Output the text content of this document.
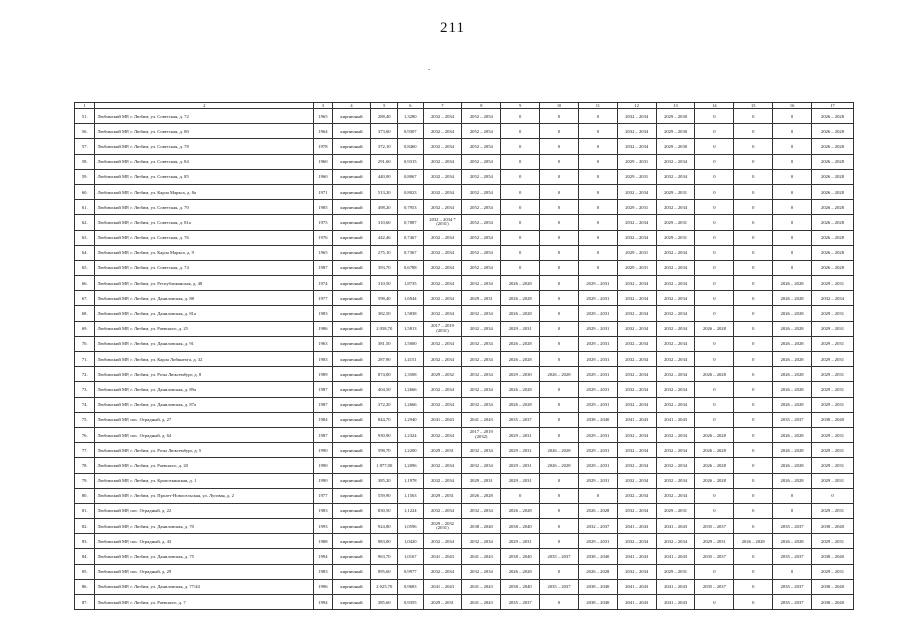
211
.
1	2	3	4	5	6	7	8	9	10	11	12	13	14	15	16	17
51.	Любимский МР, г. Любим, ул. Советская, д. 72	1965	кирпичный	288,40	1,3280	2032 – 2034	2052 – 2054	0	0	0	2032 – 2034	2029 – 2030	0	0	0	2026 – 2028
56.	Любимский МР, г. Любим, ул. Советская, д. 80	1964	кирпичный	373,60	0,9307	2032 – 2034	2052 – 2054	0	0	0	2032 – 2034	2029 – 2030	0	0	0	2026 – 2028
57.	Любимский МР, г. Любим, ул. Советская, д. 78	1978	кирпичный	372,10	0,8460	2032 – 2034	2052 – 2054	0	0	0	2032 – 2034	2029 – 2030	0	0	0	2026 – 2028
58.	Любимский МР, г. Любим, ул. Советская, д. 84	1960	кирпичный	291,60	0,9315	2032 – 2034	2052 – 2054	0	0	0	2029 – 2031	2032 – 2034	0	0	0	2026 – 2028
59.	Любимский МР, г. Любим, ул. Советская, д. 85	1960	кирпичный	440,00	0,8067	2032 – 2034	2052 – 2054	0	0	0	2029 – 2031	2032 – 2034	0	0	0	2026 – 2028
60.	Любимский МР, г. Любим, ул. Карла Маркса, д. 8а	1971	кирпичный	513,20	0,8023	2032 – 2034	2052 – 2054	0	0	0	2032 – 2034	2029 – 2031	0	0	0	2026 – 2028
61.	Любимский МР, г. Любим, ул. Советская, д. 70	1985	кирпичный	498,20	0,7953	2032 – 2034	2052 – 2054	0	0	0	2029 – 2031	2032 – 2034	0	0	0	2026 – 2028
62.	Любимский МР, г. Любим, ул. Советская, д. 81а	1975	кирпичный	310,60	0,7887	2032 – 2034 *(2031)	2052 – 2054	0	0	0	2032 – 2034	2029 – 2031	0	0	0	2026 – 2028
63.	Любимский МР, г. Любим, ул. Советская, д. 76	1976	кирпичный	442,46	0,7467	2032 – 2034	2052 – 2054	0	0	0	2032 – 2034	2029 – 2031	0	0	0	2026 – 2028
64.	Любимский МР, г. Любим, ул. Карла Маркса, д. 9	1965	кирпичный	275,10	0,7367	2032 – 2034	2052 – 2054	0	0	0	2029 – 2031	2032 – 2034	0	0	0	2026 – 2028
65.	Любимский МР, г. Любим, ул. Советская, д. 74	1987	кирпичный	393,70	0,6788	2032 – 2034	2052 – 2054	0	0	0	2029 – 2031	2032 – 2034	0	0	0	2026 – 2028
66.	Любимский МР, г. Любим, ул. Республиканская, д. 48	1974	кирпичный	310,50	1,8735	2032 – 2034	2032 – 2034	2026 – 2028	0	2029 – 2031	2032 – 2034	2032 – 2034	0	0	2026 – 2028	2029 – 2031
67.	Любимский МР, г. Любим, ул. Даниловская, д. 88	1977	кирпичный	598,40	1,6944	2032 – 2034	2029 – 2031	2026 – 2028	0	2029 – 2031	2032 – 2034	2032 – 2034	0	0	2026 – 2028	2032 – 2034
68.	Любимский МР, г. Любим, ул. Даниловская, д. 81а	1983	кирпичный	382,50	1,5838	2032 – 2034	2032 – 2034	2026 – 2028	0	2029 – 2031	2032 – 2034	2032 – 2034	0	0	2026 – 2028	2029 – 2031
69.	Любимский МР, г. Любим, ул. Раевского, д. 25	1986	кирпичный	2 058,70	1,5813	2017 – 2019 (2031)	2032 – 2034	2029 – 2031	0	2029 – 2031	2032 – 2034	2032 – 2034	2026 – 2028	0	2026 – 2028	2029 – 2031
70.	Любимский МР, г. Любим, ул. Даниловская, д. 91	1963	кирпичный	381,50	1,5000	2032 – 2034	2032 – 2034	2026 – 2028	0	2029 – 2031	2032 – 2034	2032 – 2034	0	0	2026 – 2028	2029 – 2031
71.	Любимский МР, г. Любим, ул. Карла Либкнехта, д. 32	1983	кирпичный	287,90	1,4151	2032 – 2034	2032 – 2034	2026 – 2028	0	2029 – 2031	2032 – 2034	2032 – 2034	0	0	2026 – 2028	2029 – 2031
72.	Любимский МР, г. Любим, ул. Розы Люксембург, д. 8	1989	кирпичный	874,00	1,3508	2029 – 2032	2032 – 2034	2029 – 2030	2026 – 2028	2029 – 2031	2032 – 2034	2032 – 2034	2026 – 2028	0	2026 – 2028	2029 – 2031
73.	Любимский МР, г. Любим, ул. Даниловская, д. 89а	1987	кирпичный	404,50	1,2666	2032 – 2034	2032 – 2034	2026 – 2028	0	2029 – 2031	2032 – 2034	2032 – 2034	0	0	2026 – 2028	2029 – 2031
74.	Любимский МР, г. Любим, ул. Даниловская, д. 87а	1987	кирпичный	372,20	1,2666	2032 – 2034	2032 – 2034	2026 – 2028	0	2029 – 2031	2032 – 2034	2032 – 2034	0	0	2026 – 2028	2029 – 2031
75.	Любимский МР, пос. Отрадный, д. 27	1984	кирпичный	844,70	1,2940	2041 – 2043	2041 – 2043	2035 – 2037	0	2038 – 2040	2041 – 2043	2041 – 2043	0	0	2035 – 2037	2038 – 2040
76.	Любимский МР, пос. Отрадный, д. 64	1987	кирпичный	930,90	1,2324	2032 – 2034	2017 – 2019 (2032)	2029 – 2031	0	2029 – 2031	2032 – 2034	2032 – 2034	2026 – 2028	0	2026 – 2028	2029 – 2031
77.	Любимский МР, г. Любим, ул. Розы Люксембург, д. 5	1990	кирпичный	598,70	1,2200	2029 – 2031	2032 – 2034	2029 – 2031	2026 – 2028	2029 – 2031	2032 – 2034	2032 – 2034	2026 – 2028	0	2026 – 2028	2029 – 2031
78.	Любимский МР, г. Любим, ул. Раевского, д. 20	1990	кирпичный	1 877,00	1,2096	2032 – 2034	2032 – 2034	2029 – 2031	2026 – 2028	2029 – 2031	2032 – 2034	2032 – 2034	2026 – 2028	0	2026 – 2028	2029 – 2031
79.	Любимский МР, г. Любим, ул. Кропоткинская, д. 1	1990	кирпичный	385,20	1,1978	2032 – 2034	2029 – 2031	2029 – 2031	0	2029 – 2031	2032 – 2034	2032 – 2034	2026 – 2028	0	2026 – 2028	2029 – 2031
80.	Любимский МР, г. Любим, ул. Пролет-Новосельская, ул. Луговая, д. 2	1977	кирпичный	559,90	1,1563	2029 – 2031	2026 – 2028	0	0	0	2032 – 2034	2032 – 2034	0	0	0	0
81.	Любимский МР, пос. Отрадный, д. 22	1983	кирпичный	830,50	1,1224	2032 – 2034	2032 – 2034	2026 – 2028	0	2026 – 2028	2032 – 2034	2029 – 2031	0	0	0	2029 – 2031
82.	Любимский МР, г. Любим, ул. Даниловская, д. 70	1993	кирпичный	924,80	1,0596	2029 – 2032 (2031)	2038 – 2040	2038 – 2040	0	2032 – 2037	2041 – 2043	2041 – 2043	2035 – 2037	0	2035 – 2037	2038 – 2040
83.	Любимский МР, пос. Отрадный, д. 43	1988	кирпичный	983,00	1,0420	2032 – 2034	2032 – 2034	2029 – 2031	0	2029 – 2031	2032 – 2034	2032 – 2034	2029 – 2031	2026 – 2028	2026 – 2028	2029 – 2031
84.	Любимский МР, г. Любим, ул. Даниловская, д. 75	1994	кирпичный	963,70	1,0167	2041 – 2043	2041 – 2043	2038 – 2040	2035 – 2037	2038 – 2040	2041 – 2043	2041 – 2043	2035 – 2037	0	2035 – 2037	2038 – 2040
85.	Любимский МР, пос. Отрадный, д. 29	1983	кирпичный	895,60	0,9977	2032 – 2034	2032 – 2034	2026 – 2028	0	2026 – 2028	2032 – 2034	2029 – 2031	0	0	0	2029 – 2031
86.	Любимский МР, г. Любим, ул. Даниловская, д. 77/44	1996	кирпичный	2 025,70	0,9683	2041 – 2043	2041 – 2043	2038 – 2040	2035 – 2037	2038 – 2040	2041 – 2043	2041 – 2043	2035 – 2037	0	2035 – 2037	2038 – 2040
87.	Любимский МР, г. Любим, ул. Раевского, д. 7	1994	кирпичный	385,60	0,9355	2029 – 2031	2041 – 2043	2035 – 2037	0	2038 – 2040	2041 – 2043	2041 – 2043	0	0	2035 – 2037	2038 – 2040
